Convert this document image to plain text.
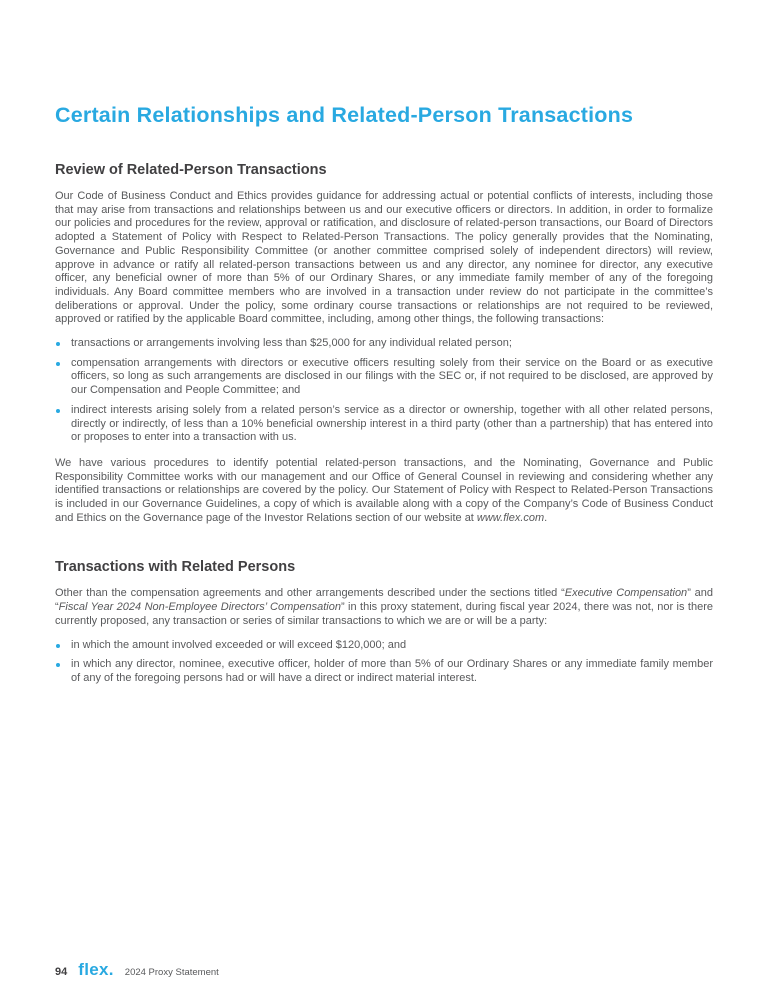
Certain Relationships and Related-Person Transactions
Review of Related-Person Transactions

Our Code of Business Conduct and Ethics provides guidance for addressing actual or potential conflicts of interests, including those that may arise from transactions and relationships between us and our executive officers or directors. In addition, in order to formalize our policies and procedures for the review, approval or ratification, and disclosure of related-person transactions, our Board of Directors adopted a Statement of Policy with Respect to Related-Person Transactions. The policy generally provides that the Nominating, Governance and Public Responsibility Committee (or another committee comprised solely of independent directors) will review, approve in advance or ratify all related-person transactions between us and any director, any nominee for director, any executive officer, any beneficial owner of more than 5% of our Ordinary Shares, or any immediate family member of any of the foregoing individuals. Any Board committee members who are involved in a transaction under review do not participate in the committee’s deliberations or approval. Under the policy, some ordinary course transactions or relationships are not required to be reviewed, approved or ratified by the applicable Board committee, including, among other things, the following transactions:

transactions or arrangements involving less than $25,000 for any individual related person;
compensation arrangements with directors or executive officers resulting solely from their service on the Board or as executive officers, so long as such arrangements are disclosed in our filings with the SEC or, if not required to be disclosed, are approved by our Compensation and People Committee; and
indirect interests arising solely from a related person’s service as a director or ownership, together with all other related persons, directly or indirectly, of less than a 10% beneficial ownership interest in a third party (other than a partnership) that has entered into or proposes to enter into a transaction with us.

We have various procedures to identify potential related-person transactions, and the Nominating, Governance and Public Responsibility Committee works with our management and our Office of General Counsel in reviewing and considering whether any identified transactions or relationships are covered by the policy. Our Statement of Policy with Respect to Related-Person Transactions is included in our Governance Guidelines, a copy of which is available along with a copy of the Company’s Code of Business Conduct and Ethics on the Governance page of the Investor Relations section of our website at www.flex.com.

Transactions with Related Persons

Other than the compensation agreements and other arrangements described under the sections titled “Executive Compensation” and “Fiscal Year 2024 Non-Employee Directors’ Compensation” in this proxy statement, during fiscal year 2024, there was not, nor is there currently proposed, any transaction or series of similar transactions to which we are or will be a party:

in which the amount involved exceeded or will exceed $120,000; and
in which any director, nominee, executive officer, holder of more than 5% of our Ordinary Shares or any immediate family member of any of the foregoing persons had or will have a direct or indirect material interest.
94 flex. 2024 Proxy Statement
